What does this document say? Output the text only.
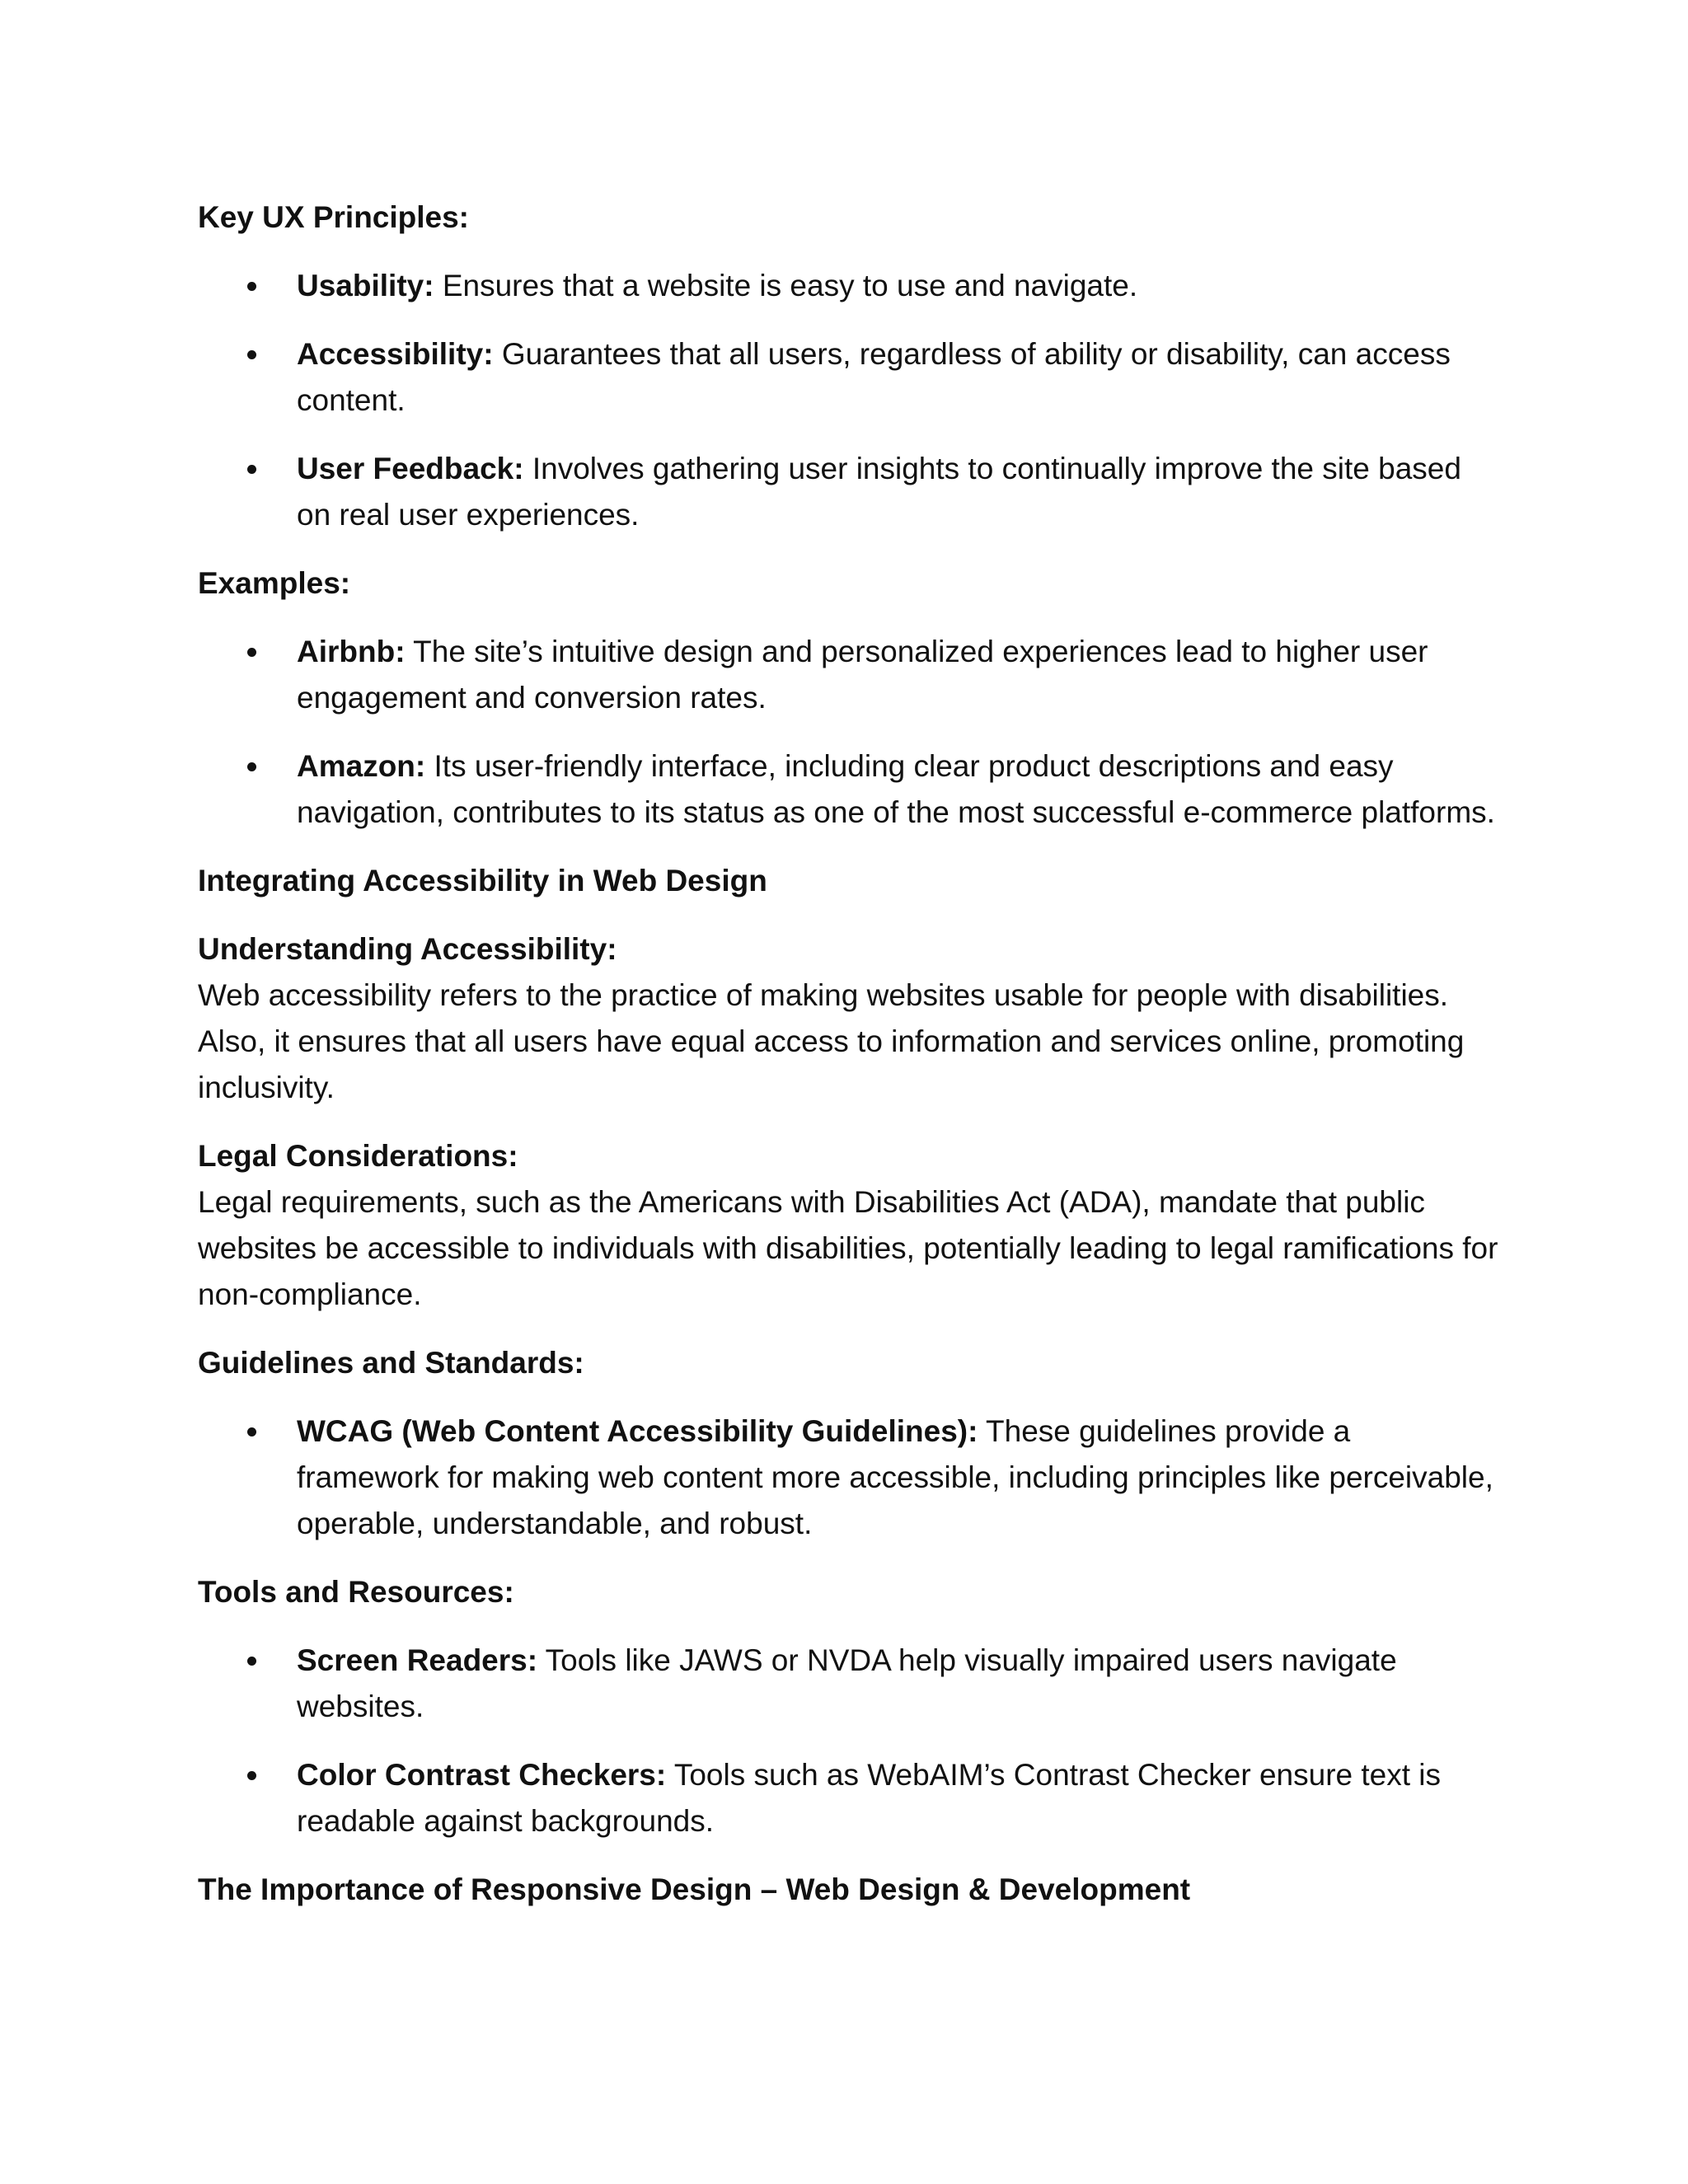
Key UX Principles:
Usability: Ensures that a website is easy to use and navigate.
Accessibility: Guarantees that all users, regardless of ability or disability, can access content.
User Feedback: Involves gathering user insights to continually improve the site based on real user experiences.
Examples:
Airbnb: The site’s intuitive design and personalized experiences lead to higher user engagement and conversion rates.
Amazon: Its user-friendly interface, including clear product descriptions and easy navigation, contributes to its status as one of the most successful e-commerce platforms.
Integrating Accessibility in Web Design
Understanding Accessibility:
Web accessibility refers to the practice of making websites usable for people with disabilities. Also, it ensures that all users have equal access to information and services online, promoting inclusivity.
Legal Considerations:
Legal requirements, such as the Americans with Disabilities Act (ADA), mandate that public websites be accessible to individuals with disabilities, potentially leading to legal ramifications for non-compliance.
Guidelines and Standards:
WCAG (Web Content Accessibility Guidelines): These guidelines provide a framework for making web content more accessible, including principles like perceivable, operable, understandable, and robust.
Tools and Resources:
Screen Readers: Tools like JAWS or NVDA help visually impaired users navigate websites.
Color Contrast Checkers: Tools such as WebAIM’s Contrast Checker ensure text is readable against backgrounds.
The Importance of Responsive Design – Web Design & Development
